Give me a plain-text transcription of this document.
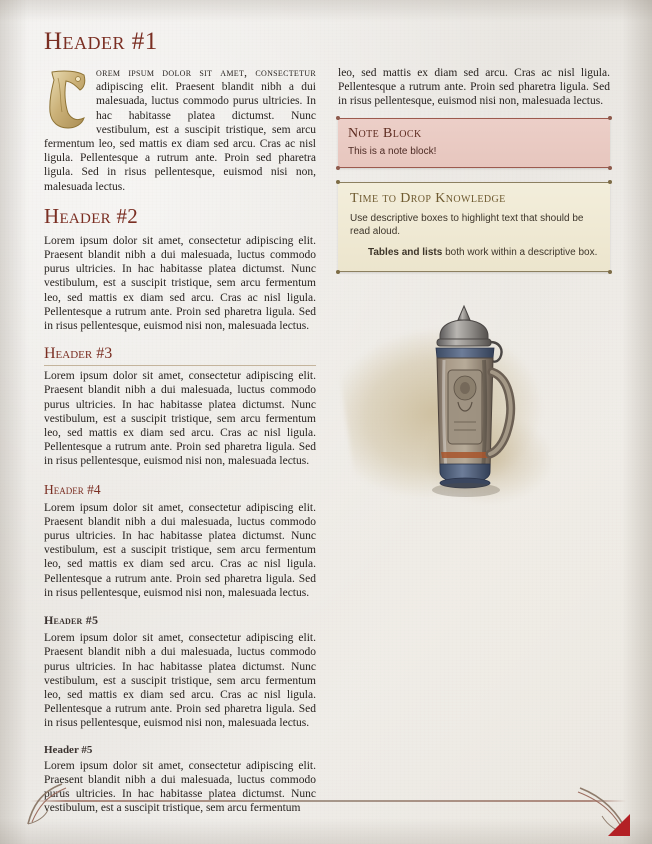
Header #1

orem ipsum dolor sit amet, consectetur adipiscing elit. Praesent blandit nibh a dui malesuada, luctus commodo purus ultricies. In hac habitasse platea dictumst. Nunc vestibulum, est a suscipit tristique, sem arcu fermentum leo, sed mattis ex diam sed arcu. Cras ac nisl ligula. Pellentesque a rutrum ante. Proin sed pharetra ligula. Sed in risus pellentesque, euismod nisi non, malesuada lectus.

Header #2

Lorem ipsum dolor sit amet, consectetur adipiscing elit. Praesent blandit nibh a dui malesuada, luctus commodo purus ultricies. In hac habitasse platea dictumst. Nunc vestibulum, est a suscipit tristique, sem arcu fermentum leo, sed mattis ex diam sed arcu. Cras ac nisl ligula. Pellentesque a rutrum ante. Proin sed pharetra ligula. Sed in risus pellentesque, euismod nisi non, malesuada lectus.

Header #3

Lorem ipsum dolor sit amet, consectetur adipiscing elit. Praesent blandit nibh a dui malesuada, luctus commodo purus ultricies. In hac habitasse platea dictumst. Nunc vestibulum, est a suscipit tristique, sem arcu fermentum leo, sed mattis ex diam sed arcu. Cras ac nisl ligula. Pellentesque a rutrum ante. Proin sed pharetra ligula. Sed in risus pellentesque, euismod nisi non, malesuada lectus.

Header #4

Lorem ipsum dolor sit amet, consectetur adipiscing elit. Praesent blandit nibh a dui malesuada, luctus commodo purus ultricies. In hac habitasse platea dictumst. Nunc vestibulum, est a suscipit tristique, sem arcu fermentum leo, sed mattis ex diam sed arcu. Cras ac nisl ligula. Pellentesque a rutrum ante. Proin sed pharetra ligula. Sed in risus pellentesque, euismod nisi non, malesuada lectus.

Header #5

Lorem ipsum dolor sit amet, consectetur adipiscing elit. Praesent blandit nibh a dui malesuada, luctus commodo purus ultricies. In hac habitasse platea dictumst. Nunc vestibulum, est a suscipit tristique, sem arcu fermentum leo, sed mattis ex diam sed arcu. Cras ac nisl ligula. Pellentesque a rutrum ante. Proin sed pharetra ligula. Sed in risus pellentesque, euismod nisi non, malesuada lectus.

Header #5

Lorem ipsum dolor sit amet, consectetur adipiscing elit. Praesent blandit nibh a dui malesuada, luctus commodo purus ultricies. In hac habitasse platea dictumst. Nunc vestibulum, est a suscipit tristique, sem arcu fermentum

leo, sed mattis ex diam sed arcu. Cras ac nisl ligula. Pellentesque a rutrum ante. Proin sed pharetra ligula. Sed in risus pellentesque, euismod nisi non, malesuada lectus.

Note Block

This is a note block!

Time to Drop Knowledge

Use descriptive boxes to highlight text that should be read aloud.

Tables and lists both work within a descriptive box.
